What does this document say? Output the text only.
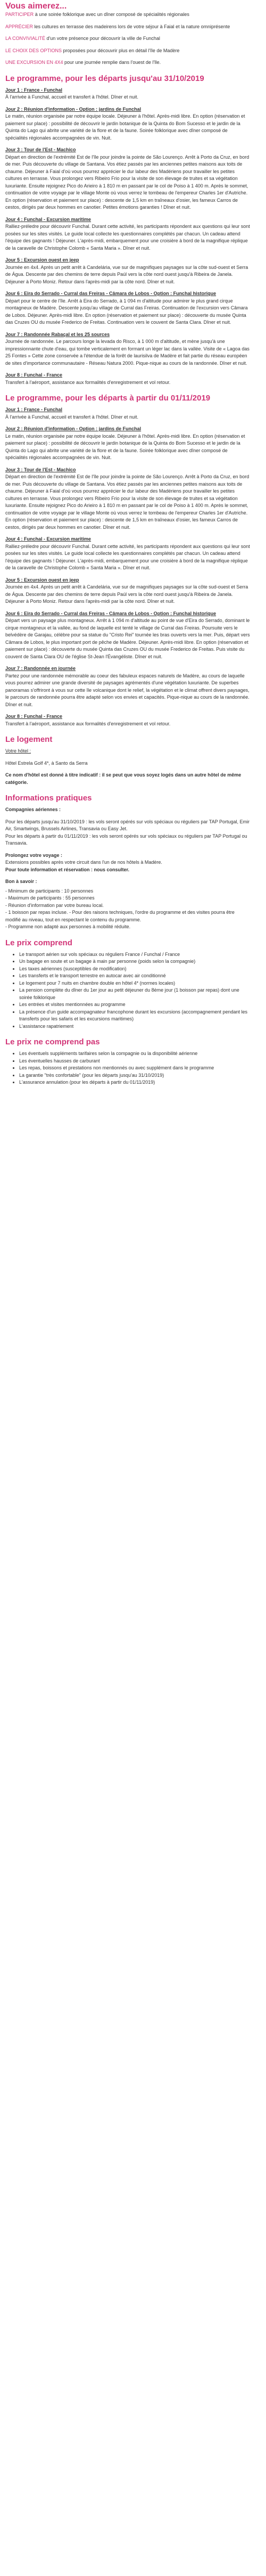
Vous aimerez...

PARTICIPER à une soirée folklorique avec un dîner composé de spécialités régionales

APPRÉCIER les cultures en terrasse des madeirens lors de votre séjour à Faial et la nature omniprésente

LA CONVIVIALITÉ d'un votre présence pour découvrir la ville de Funchal

LE CHOIX DES OPTIONS proposées pour découvrir plus en détail l'île de Madère

UNE EXCURSION EN 4X4 pour une journée remplie dans l'ouest de l'île.

Le programme, pour les départs jusqu'au 31/10/2019
Jour 1 : France - Funchal

À l'arrivée à Funchal, accueil et transfert à l'hôtel. Dîner et nuit.

Jour 2 : Réunion d'information - Option : jardins de Funchal

Le matin, réunion organisée par notre équipe locale. Déjeuner à l'hôtel. Après-midi libre. En option (réservation et paiement sur place) : possibilité de découvrir le jardin botanique de la Quinta do Bom Sucesso et le jardin de la Quinta do Lago qui abrite une variété de la flore et de la faune. Soirée folklorique avec dîner composé de spécialités régionales accompagnées de vin. Nuit.

Jour 3 : Tour de l'Est - Machico

Départ en direction de l'extrémité Est de l'île pour joindre la pointe de São Lourenço. Arrêt à Porto da Cruz, en bord de mer. Puis découverte du village de Santana. Vos étiez passés par les anciennes petites maisons aux toits de chaume. Déjeuner à Faial d'où vous pourrez apprécier le dur labeur des Madériens pour travailler les petites cultures en terrasse. Vous prolongez vers Ribeiro Frio pour la visite de son élevage de truites et sa végétation luxuriante. Ensuite rejoignez Pico do Arieiro à 1 810 m en passant par le col de Poiso à 1 400 m. Après le sommet, continuation de votre voyage par le village Monte où vous verrez le tombeau de l'empereur Charles 1er d'Autriche. En option (réservation et paiement sur place) : descente de 1,5 km en traîneaux d'osier, les fameux Carros de cestos, dirigés par deux hommes en canotier. Petites émotions garanties ! Dîner et nuit.

Jour 4 : Funchal - Excursion maritime

Ralliez-préledre pour découvrir Funchal. Durant cette activité, les participants répondent aux questions qui leur sont posées sur les sites visités. Le guide local collecte les questionnaires complétés par chacun. Un cadeau attend l'équipe des gagnants ! Déjeuner. L'après-midi, embarquement pour une croisière à bord de la magnifique réplique de la caravelle de Christophe Colomb « Santa Maria ». Dîner et nuit.

Jour 5 : Excursion ouest en jeep

Journée en 4x4. Après un petit arrêt à Candelária, vue sur de magnifiques paysages sur la côte sud-ouest et Serra de Água. Descente par des chemins de terre depuis Paúl vers la côte nord ouest jusqu'à Ribeira de Janela. Déjeuner à Porto Moniz. Retour dans l'après-midi par la côte nord. Dîner et nuit.

Jour 6 : Eira do Serrado - Curral das Freiras - Câmara de Lobos - Option : Funchal historique

Départ pour le centre de l'île. Arrêt à Eira do Serrado, à 1 094 m d'altitude pour admirer le plus grand cirque montagneux de Madère. Descente jusqu'au village de Curral das Freiras. Continuation de l'excursion vers Câmara de Lobos. Déjeuner. Après-midi libre. En option (réservation et paiement sur place) : découverte du musée Quinta das Cruzes OU du musée Frederico de Freitas. Continuation vers le couvent de Santa Clara. Dîner et nuit.

Jour 7 : Randonnée Rabaçal et les 25 sources

Journée de randonnée. Le parcours longe la levada do Risco, à 1 000 m d'altitude, et mène jusqu'à une impressionnante chute d'eau, qui tombe verticalement en formant un léger lac dans la vallée. Visite de « Lagoa das 25 Fontes » Cette zone conservée a l'étendue de la forêt de laurisilva de Madère et fait partie du réseau européen de sites d'importance communautaire - Réseau Natura 2000. Pique-nique au cours de la randonnée. Dîner et nuit.

Jour 8 : Funchal - France

Transfert à l'aéroport, assistance aux formalités d'enregistrement et vol retour.

Le programme, pour les départs à partir du 01/11/2019
Jour 1 : France - Funchal

À l'arrivée à Funchal, accueil et transfert à l'hôtel. Dîner et nuit.

Jour 2 : Réunion d'information - Option : jardins de Funchal

Le matin, réunion organisée par notre équipe locale. Déjeuner à l'hôtel. Après-midi libre. En option (réservation et paiement sur place) : possibilité de découvrir le jardin botanique de la Quinta do Bom Sucesso et le jardin de la Quinta do Lago qui abrite une variété de la flore et de la faune. Soirée folklorique avec dîner composé de spécialités régionales accompagnées de vin. Nuit.

Jour 3 : Tour de l'Est - Machico

Départ en direction de l'extrémité Est de l'île pour joindre la pointe de São Lourenço. Arrêt à Porto da Cruz, en bord de mer. Puis découverte du village de Santana. Vos étiez passés par les anciennes petites maisons aux toits de chaume. Déjeuner à Faial d'où vous pourrez apprécier le dur labeur des Madériens pour travailler les petites cultures en terrasse. Vous prolongez vers Ribeiro Frio pour la visite de son élevage de truites et sa végétation luxuriante. Ensuite rejoignez Pico do Arieiro à 1 810 m en passant par le col de Poiso à 1 400 m. Après le sommet, continuation de votre voyage par le village Monte où vous verrez le tombeau de l'empereur Charles 1er d'Autriche. En option (réservation et paiement sur place) : descente de 1,5 km en traîneaux d'osier, les fameux Carros de cestos, dirigés par deux hommes en canotier. Dîner et nuit.

Jour 4 : Funchal - Excursion maritime

Ralliez-préledre pour découvrir Funchal. Durant cette activité, les participants répondent aux questions qui leur sont posées sur les sites visités. Le guide local collecte les questionnaires complétés par chacun. Un cadeau attend l'équipe des gagnants ! Déjeuner. L'après-midi, embarquement pour une croisière à bord de la magnifique réplique de la caravelle de Christophe Colomb « Santa Maria ». Dîner et nuit.

Jour 5 : Excursion ouest en jeep

Journée en 4x4. Après un petit arrêt à Candelária, vue sur de magnifiques paysages sur la côte sud-ouest et Serra de Água. Descente par des chemins de terre depuis Paúl vers la côte nord ouest jusqu'à Ribeira de Janela. Déjeuner à Porto Moniz. Retour dans l'après-midi par la côte nord. Dîner et nuit.

Jour 6 : Eira do Serrado - Curral das Freiras - Câmara de Lobos - Option : Funchal historique

Départ vers un paysage plus montagneux. Arrêt à 1 094 m d'altitude au point de vue d'Eira do Serrado, dominant le cirque montagneux et la vallée, au fond de laquelle est tenté le village de Curral das Freiras. Poursuite vers le belvédère de Garajau, célèbre pour sa statue du "Cristo Rei" tournée les bras ouverts vers la mer. Puis, départ vers Câmara de Lobos, le plus important port de pêche de Madère. Déjeuner. Après-midi libre. En option (réservation et paiement sur place) : découverte du musée Quinta das Cruzes OU du musée Frederico de Freitas. Puis visite du couvent de Santa Clara OU de l'église St-Jean l'Évangéliste. Dîner et nuit.

Jour 7 : Randonnée en journée

Partez pour une randonnée mémorable au coeur des fabuleux espaces naturels de Madère, au cours de laquelle vous pourrez admirer une grande diversité de paysages agrémentés d'une végétation luxuriante. De superbes panoramas s'offriront à vous sur cette île volcanique dont le relief, la végétation et le climat offrent divers paysages, le parcours de randonnée pourra être adapté selon vos envies et capacités. Pique-nique au cours de la randonnée. Dîner et nuit.

Jour 8 : Funchal - France

Transfert à l'aéroport, assistance aux formalités d'enregistrement et vol retour.

Le logement

Votre hôtel :

Hôtel Estrela Golf 4*, à Santo da Serra

Ce nom d'hôtel est donné à titre indicatif : il se peut que vous soyez logés dans un autre hôtel de même catégorie.

Informations pratiques

Compagnies aériennes :

Pour les départs jusqu'au 31/10/2019 : les vols seront opérés sur vols spéciaux ou réguliers par TAP Portugal, Emir Air, Smartwings, Brussels Airlines, Transavia ou Easy Jet.
Pour les départs à partir du 01/11/2019 : les vols seront opérés sur vols spéciaux ou réguliers par TAP Portugal ou Transavia.

Prolongez votre voyage :

Extensions possibles après votre circuit dans l'un de nos hôtels à Madère.

Pour toute information et réservation : nous consulter.

Bon à savoir :

- Minimum de participants : 10 personnes
- Maximum de participants : 55 personnes
- Réunion d'information par votre bureau local.
- 1 boisson par repas incluse. - Pour des raisons techniques, l'ordre du programme et des visites pourra être modifié au niveau, tout en respectant le contenu du programme.
- Programme non adapté aux personnes à mobilité réduite.

Le prix comprend
• Le transport aérien sur vols spéciaux ou réguliers France / Funchal / France
• Un bagage en soute et un bagage à main par personne (poids selon la compagnie)
• Les taxes aériennes (susceptibles de modification)
• Les transferts et le transport terrestre en autocar avec air conditionné
• Le logement pour 7 nuits en chambre double en hôtel 4* (normes locales)
• La pension complète du dîner du 1er jour au petit déjeuner du 8ème jour (1 boisson par repas) dont une soirée folklorique
• Les entrées et visites mentionnées au programme
• La présence d'un guide accompagnateur francophone durant les excursions (accompagnement pendant les transferts pour les safaris et les excursions maritimes)
• L'assistance rapatriement
Le prix ne comprend pas
• Les éventuels suppléments tarifaires selon la compagnie ou la disponibilité aérienne
• Les éventuelles hausses de carburant
• Les repas, boissons et prestations non mentionnés ou avec supplément dans le programme
• La garantie "très confortable" (pour les départs jusqu'au 31/10/2019)
• L'assurance annulation (pour les départs à partir du 01/11/2019)
